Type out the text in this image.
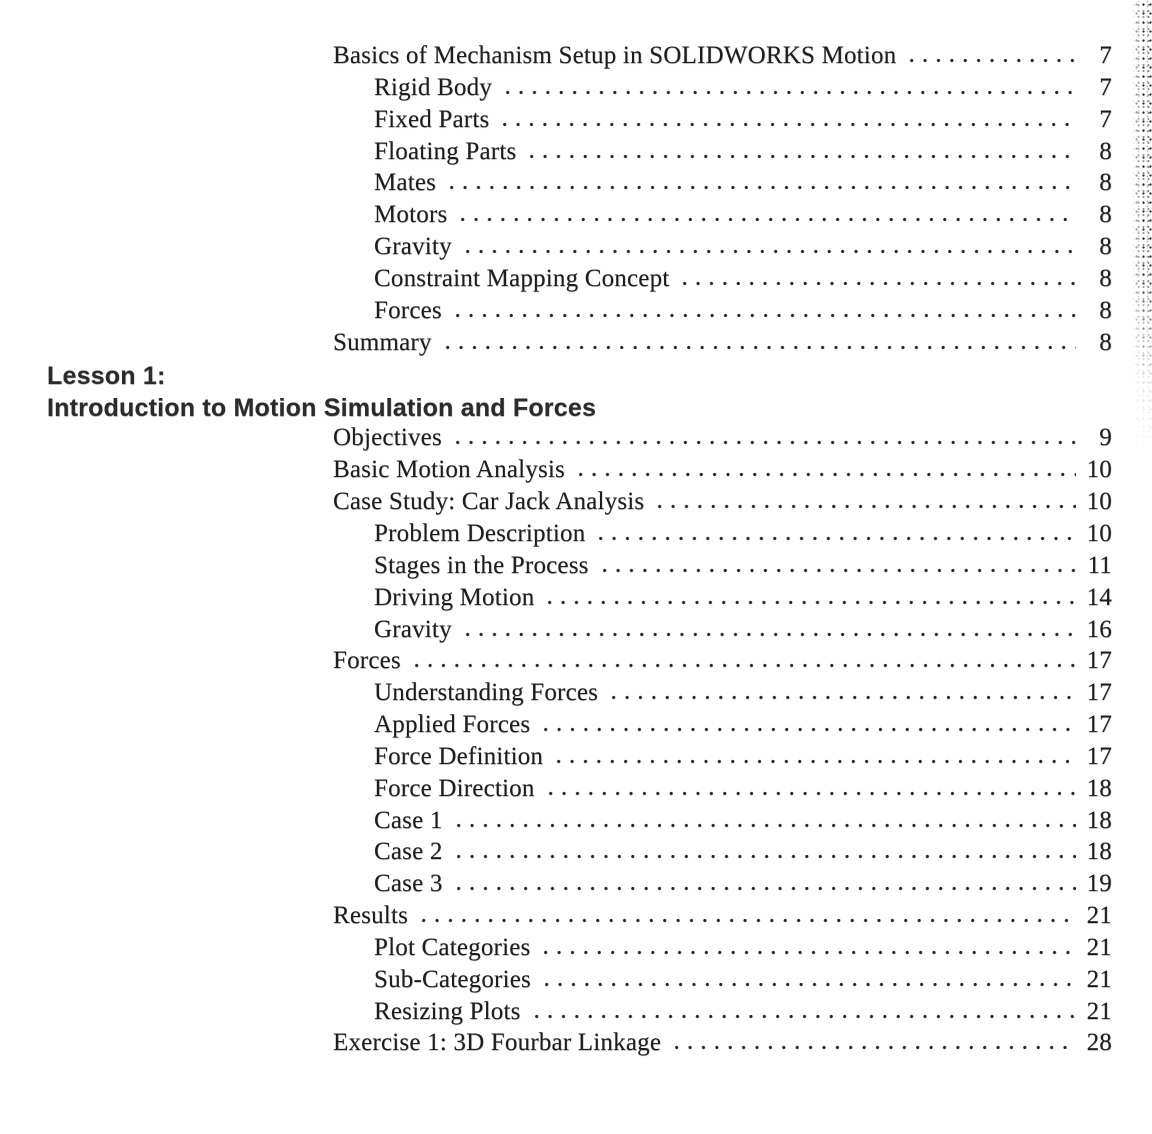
Basics of Mechanism Setup in SOLIDWORKS Motion	7
Rigid Body	7
Fixed Parts	7
Floating Parts	8
Mates	8
Motors	8
Gravity	8
Constraint Mapping Concept	8
Forces	8
Summary	8
Lesson 1:
Introduction to Motion Simulation and Forces
Objectives	9
Basic Motion Analysis	10
Case Study: Car Jack Analysis	10
Problem Description	10
Stages in the Process	11
Driving Motion	14
Gravity	16
Forces	17
Understanding Forces	17
Applied Forces	17
Force Definition	17
Force Direction	18
Case 1	18
Case 2	18
Case 3	19
Results	21
Plot Categories	21
Sub-Categories	21
Resizing Plots	21
Exercise 1: 3D Fourbar Linkage	28
